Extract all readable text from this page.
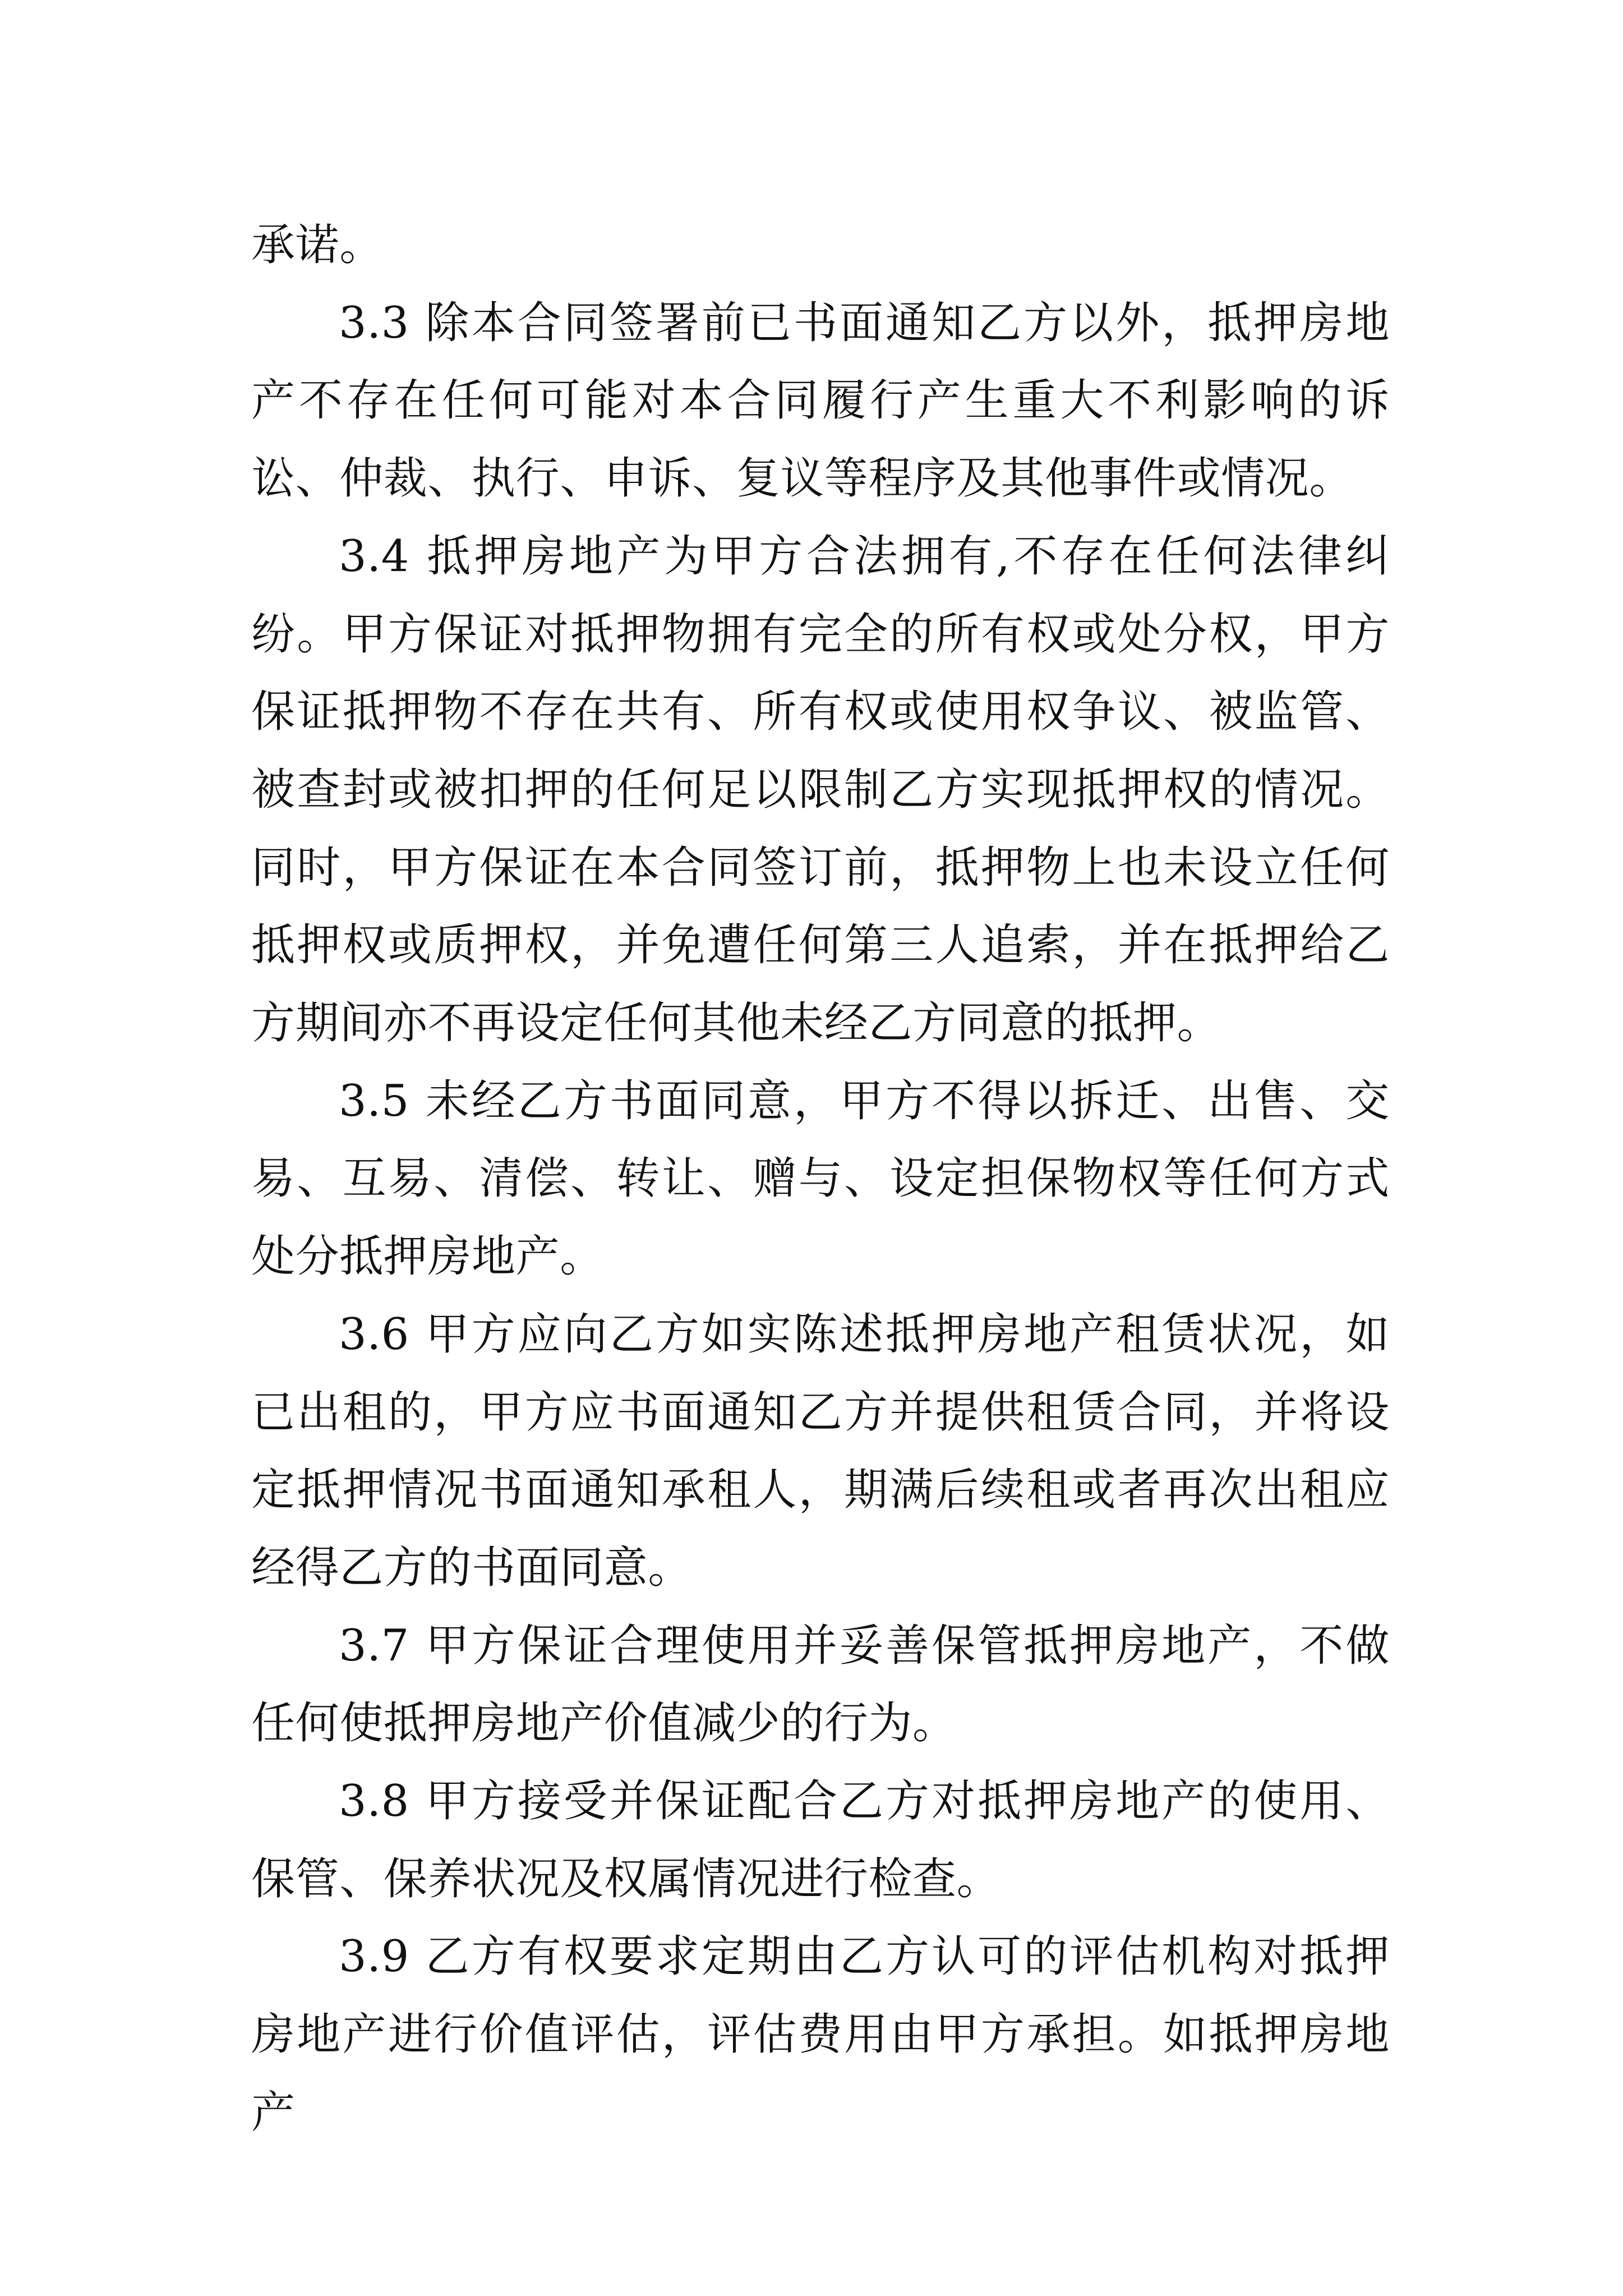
承诺。

3.3 除本合同签署前已书面通知乙方以外，抵押房地产不存在任何可能对本合同履行产生重大不利影响的诉讼、仲裁、执行、申诉、复议等程序及其他事件或情况。

3.4 抵押房地产为甲方合法拥有,不存在任何法律纠纷。甲方保证对抵押物拥有完全的所有权或处分权，甲方保证抵押物不存在共有、所有权或使用权争议、被监管、被查封或被扣押的任何足以限制乙方实现抵押权的情况。同时，甲方保证在本合同签订前，抵押物上也未设立任何抵押权或质押权，并免遭任何第三人追索，并在抵押给乙方期间亦不再设定任何其他未经乙方同意的抵押。

3.5 未经乙方书面同意，甲方不得以拆迁、出售、交易、互易、清偿、转让、赠与、设定担保物权等任何方式处分抵押房地产。

3.6 甲方应向乙方如实陈述抵押房地产租赁状况，如已出租的，甲方应书面通知乙方并提供租赁合同，并将设定抵押情况书面通知承租人，期满后续租或者再次出租应经得乙方的书面同意。

3.7 甲方保证合理使用并妥善保管抵押房地产，不做任何使抵押房地产价值减少的行为。

3.8 甲方接受并保证配合乙方对抵押房地产的使用、保管、保养状况及权属情况进行检查。

3.9 乙方有权要求定期由乙方认可的评估机构对抵押房地产进行价值评估，评估费用由甲方承担。如抵押房地产
